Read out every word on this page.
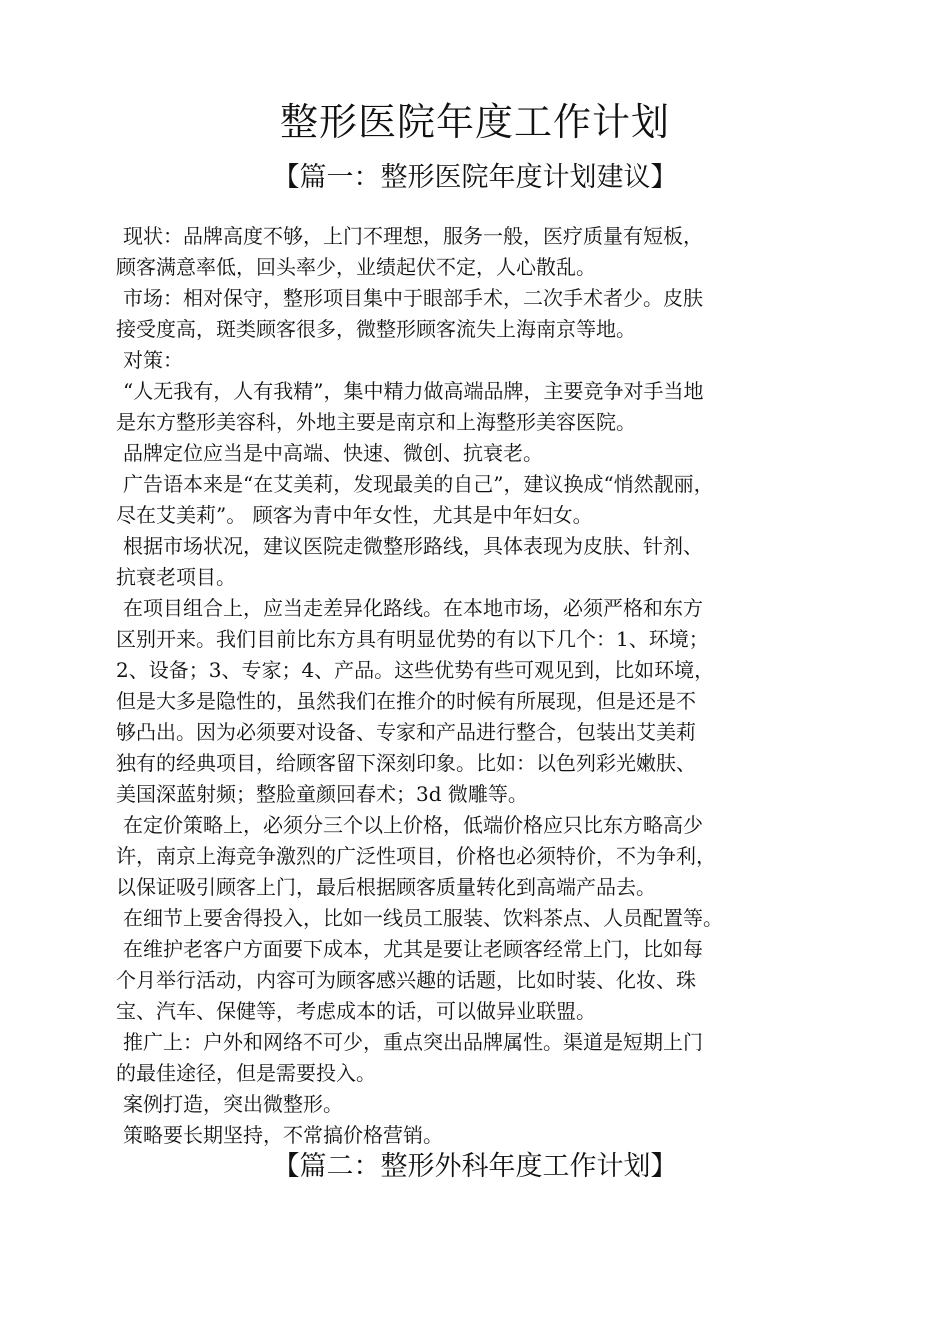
整形医院年度工作计划
【篇一：整形医院年度计划建议】
现状：品牌高度不够，上门不理想，服务一般，医疗质量有短板，
顾客满意率低，回头率少，业绩起伏不定，人心散乱。
市场：相对保守，整形项目集中于眼部手术，二次手术者少。皮肤
接受度高，斑类顾客很多，微整形顾客流失上海南京等地。
对策：
“人无我有，人有我精”，集中精力做高端品牌，主要竞争对手当地
是东方整形美容科，外地主要是南京和上海整形美容医院。
品牌定位应当是中高端、快速、微创、抗衰老。
广告语本来是“在艾美莉，发现最美的自己”，建议换成“悄然靓丽，
尽在艾美莉”。 顾客为青中年女性，尤其是中年妇女。
根据市场状况，建议医院走微整形路线，具体表现为皮肤、针剂、
抗衰老项目。
在项目组合上，应当走差异化路线。在本地市场，必须严格和东方
区别开来。我们目前比东方具有明显优势的有以下几个：1、环境；
2、设备；3、专家；4、产品。这些优势有些可观见到，比如环境，
但是大多是隐性的，虽然我们在推介的时候有所展现，但是还是不
够凸出。因为必须要对设备、专家和产品进行整合，包装出艾美莉
独有的经典项目，给顾客留下深刻印象。比如：以色列彩光嫩肤、
美国深蓝射频；整脸童颜回春术；3d 微雕等。
在定价策略上，必须分三个以上价格，低端价格应只比东方略高少
许，南京上海竞争激烈的广泛性项目，价格也必须特价，不为争利，
以保证吸引顾客上门，最后根据顾客质量转化到高端产品去。
在细节上要舍得投入，比如一线员工服装、饮料茶点、人员配置等。
在维护老客户方面要下成本，尤其是要让老顾客经常上门，比如每
个月举行活动，内容可为顾客感兴趣的话题，比如时装、化妆、珠
宝、汽车、保健等，考虑成本的话，可以做异业联盟。
推广上：户外和网络不可少，重点突出品牌属性。渠道是短期上门
的最佳途径，但是需要投入。
案例打造，突出微整形。
策略要长期坚持，不常搞价格营销。
【篇二：整形外科年度工作计划】
